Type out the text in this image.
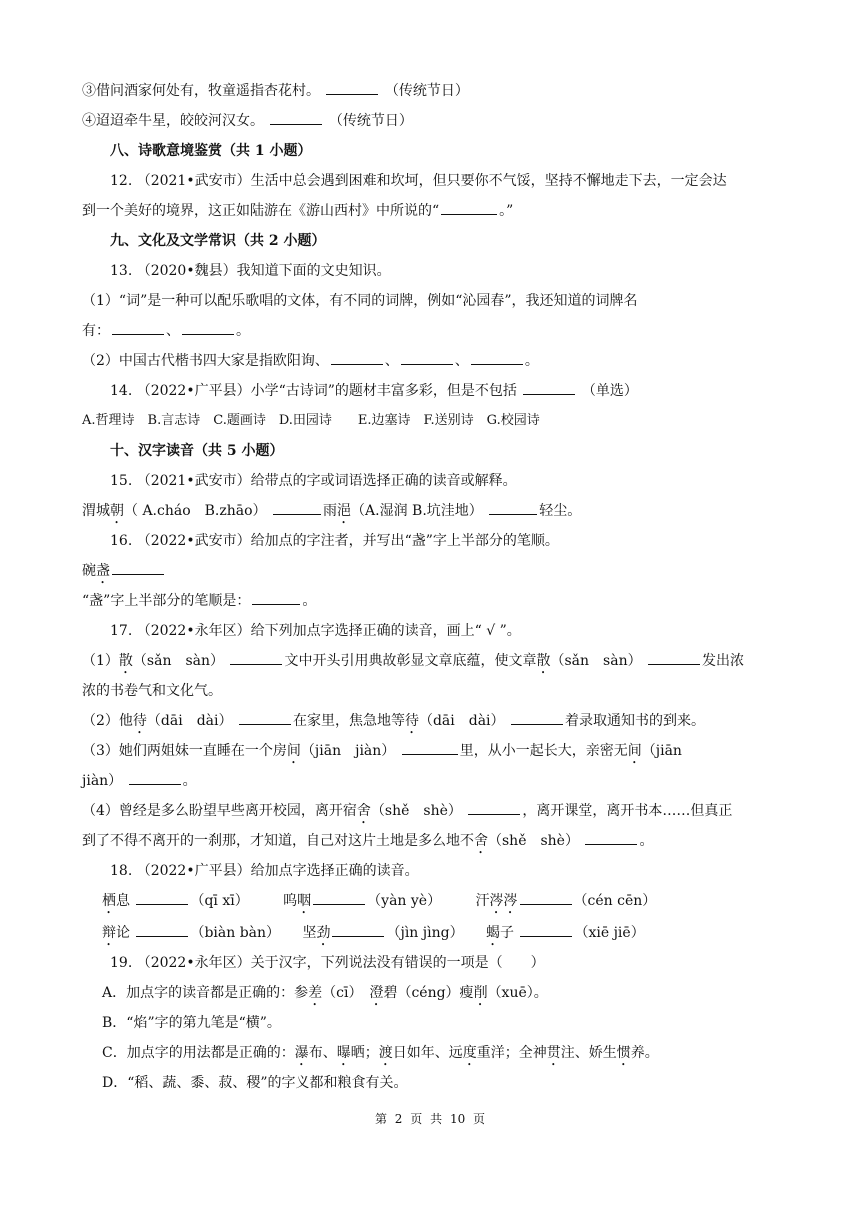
③借问酒家何处有，牧童遥指杏花村。	（传统节日）
④迢迢牵牛星，皎皎河汉女。	（传统节日）
八、诗歌意境鉴赏（共 1 小题）
12. （2021•武安市）生活中总会遇到困难和坎坷，但只要你不气馁，坚持不懈地走下去，一定会达
到一个美好的境界，这正如陆游在《游山西村》中所说的“	。”
九、文化及文学常识（共 2 小题）
13. （2020•魏县）我知道下面的文史知识。
（1）“词”是一种可以配乐歌唱的文体，有不同的词牌，例如“沁园春”，我还知道的词牌名
有：	、	。
（2）中国古代楷书四大家是指欧阳询、	、	、	。
14. （2022•广平县）小学“古诗词”的题材丰富多彩，但是不包括	（单选）
A.哲理诗　B.言志诗　C.题画诗　D.田园诗　　E.边塞诗　F.送别诗　G.校园诗
十、汉字读音（共 5 小题）
15. （2021•武安市）给带点的字或词语选择正确的读音或解释。
渭城朝（ A.cháo　B.zhāo）	雨浥（A.湿润 B.坑洼地）	轻尘。
16. （2022•武安市）给加点的字注者，并写出“盏”字上半部分的笔顺。
碗盏
“盏”字上半部分的笔顺是：	。
17. （2022•永年区）给下列加点字选择正确的读音，画上“ √ ”。
（1）散（sǎn　sàn）	文中开头引用典故彰显文章底蕴，使文章散（sǎn　sàn）	发出浓
浓的书卷气和文化气。
（2）他待（dāi　dài）	在家里，焦急地等待（dāi　dài）	着录取通知书的到来。
（3）她们两姐妹一直睡在一个房间（jiān　jiàn）	里，从小一起长大，亲密无间（jiān
jiàn）	。
（4）曾经是多么盼望早些离开校园，离开宿舍（shě　shè）	，离开课堂，离开书本……但真正
到了不得不离开的一刹那，才知道，自己对这片土地是多么地不舍（shě　shè）	。
18. （2022•广平县）给加点字选择正确的读音。
栖息	（qī xī） 呜咽	（yàn yè） 汗涔涔	（cén cēn）
辩论	（biàn bàn） 坚劲	（jìn jìng） 蝎子	（xiē jiē）
19. （2022•永年区）关于汉字，下列说法没有错误的一项是（　　）
A．加点字的读音都是正确的：参差（cī）　澄碧（céng）瘦削（xuē）。
B．“焰”字的第九笔是“横”。
C．加点字的用法都是正确的：瀑布、曝晒；渡日如年、远度重洋；全神贯注、娇生惯养。
D．“稻、蔬、黍、菽、稷”的字义都和粮食有关。
第 2 页 共 10 页
